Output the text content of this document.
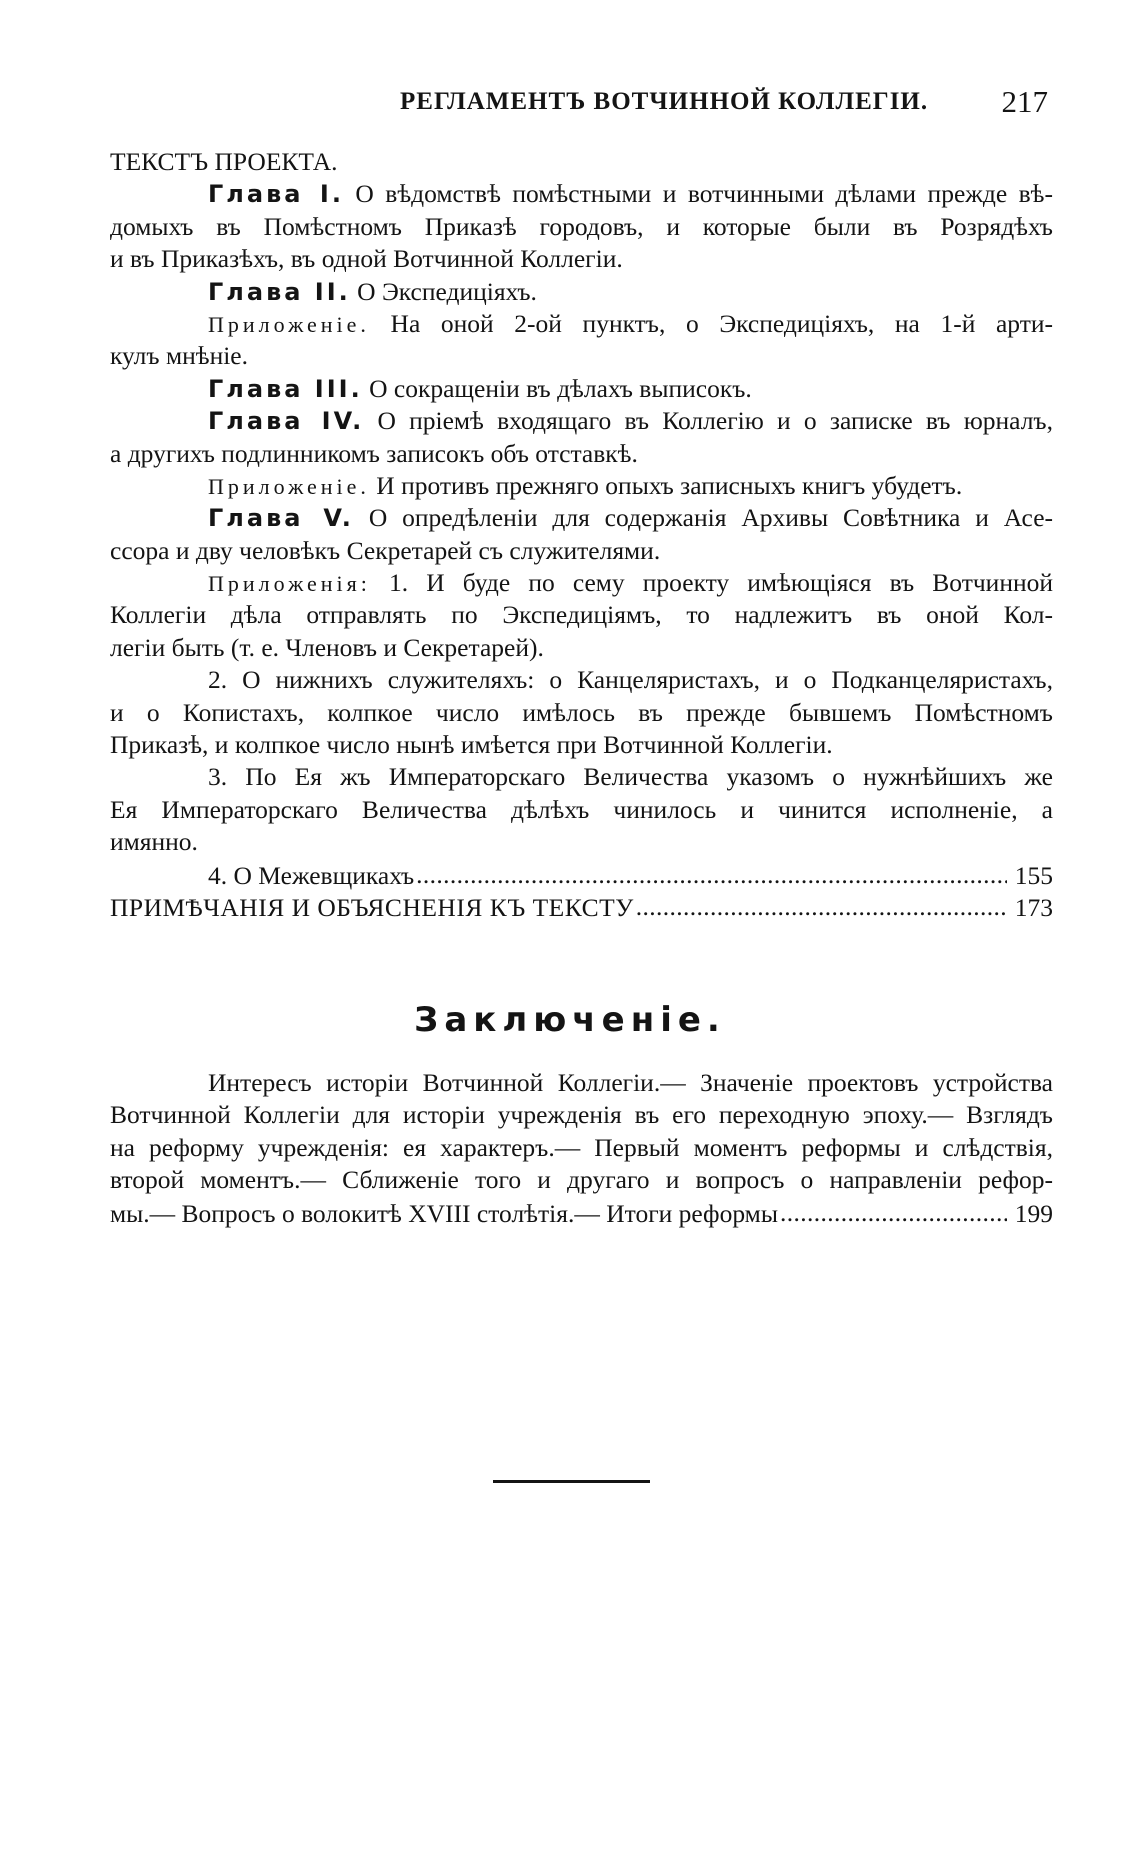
РЕГЛАМЕНТЪ ВОТЧИННОЙ КОЛЛЕГІИ. 217
ТЕКСТЪ ПРОЕКТА.
Глава I. О вѣдомствѣ помѣстными и вотчинными дѣлами прежде вѣ-
домыхъ въ Помѣстномъ Приказѣ городовъ, и которые были въ Розрядѣхъ
и въ Приказѣхъ, въ одной Вотчинной Коллегіи.
Глава II. О Экспедиціяхъ.
Приложеніе. На оной 2-ой пунктъ, о Экспедиціяхъ, на 1-й арти-
кулъ мнѣніе.
Глава III. О сокращеніи въ дѣлахъ выписокъ.
Глава IV. О пріемѣ входящаго въ Коллегію и о записке въ юрналъ,
а другихъ подлинникомъ записокъ объ отставкѣ.
Приложеніе. И противъ прежняго опыхъ записныхъ книгъ убудетъ.
Глава V. О опредѣленіи для содержанія Архивы Совѣтника и Асе-
ссора и дву человѣкъ Секретарей съ служителями.
Приложенія: 1. И буде по сему проекту имѣющіяся въ Вотчинной
Коллегіи дѣла отправлять по Экспедиціямъ, то надлежитъ въ оной Кол-
легіи быть (т. е. Членовъ и Секретарей).
2. О нижнихъ служителяхъ: о Канцеляристахъ, и о Подканцеляристахъ,
и о Копистахъ, колпкое число имѣлось въ прежде бывшемъ Помѣстномъ
Приказѣ, и колпкое число нынѣ имѣется при Вотчинной Коллегіи.
3. По Ея жъ Императорскаго Величества указомъ о нужнѣйшихъ же
Ея Императорскаго Величества дѣлѣхъ чинилось и чинится исполненіе, а
имянно.
4. О Межевщикахъ . . .	155
ПРИМѢЧАНІЯ И ОБЪЯСНЕНІЯ КЪ ТЕКСТУ . . .	173
Заключеніе.
Интересъ исторіи Вотчинной Коллегіи.— Значеніе проектовъ устройства
Вотчинной Коллегіи для исторіи учрежденія въ его переходную эпоху.— Взглядъ
на реформу учрежденія: ея характеръ.— Первый моментъ реформы и слѣдствія,
второй моментъ.— Сближеніе того и другаго и вопросъ о направленіи рефор-
мы.— Вопросъ о волокитѣ XVIII столѣтія.— Итоги реформы . . .	199
